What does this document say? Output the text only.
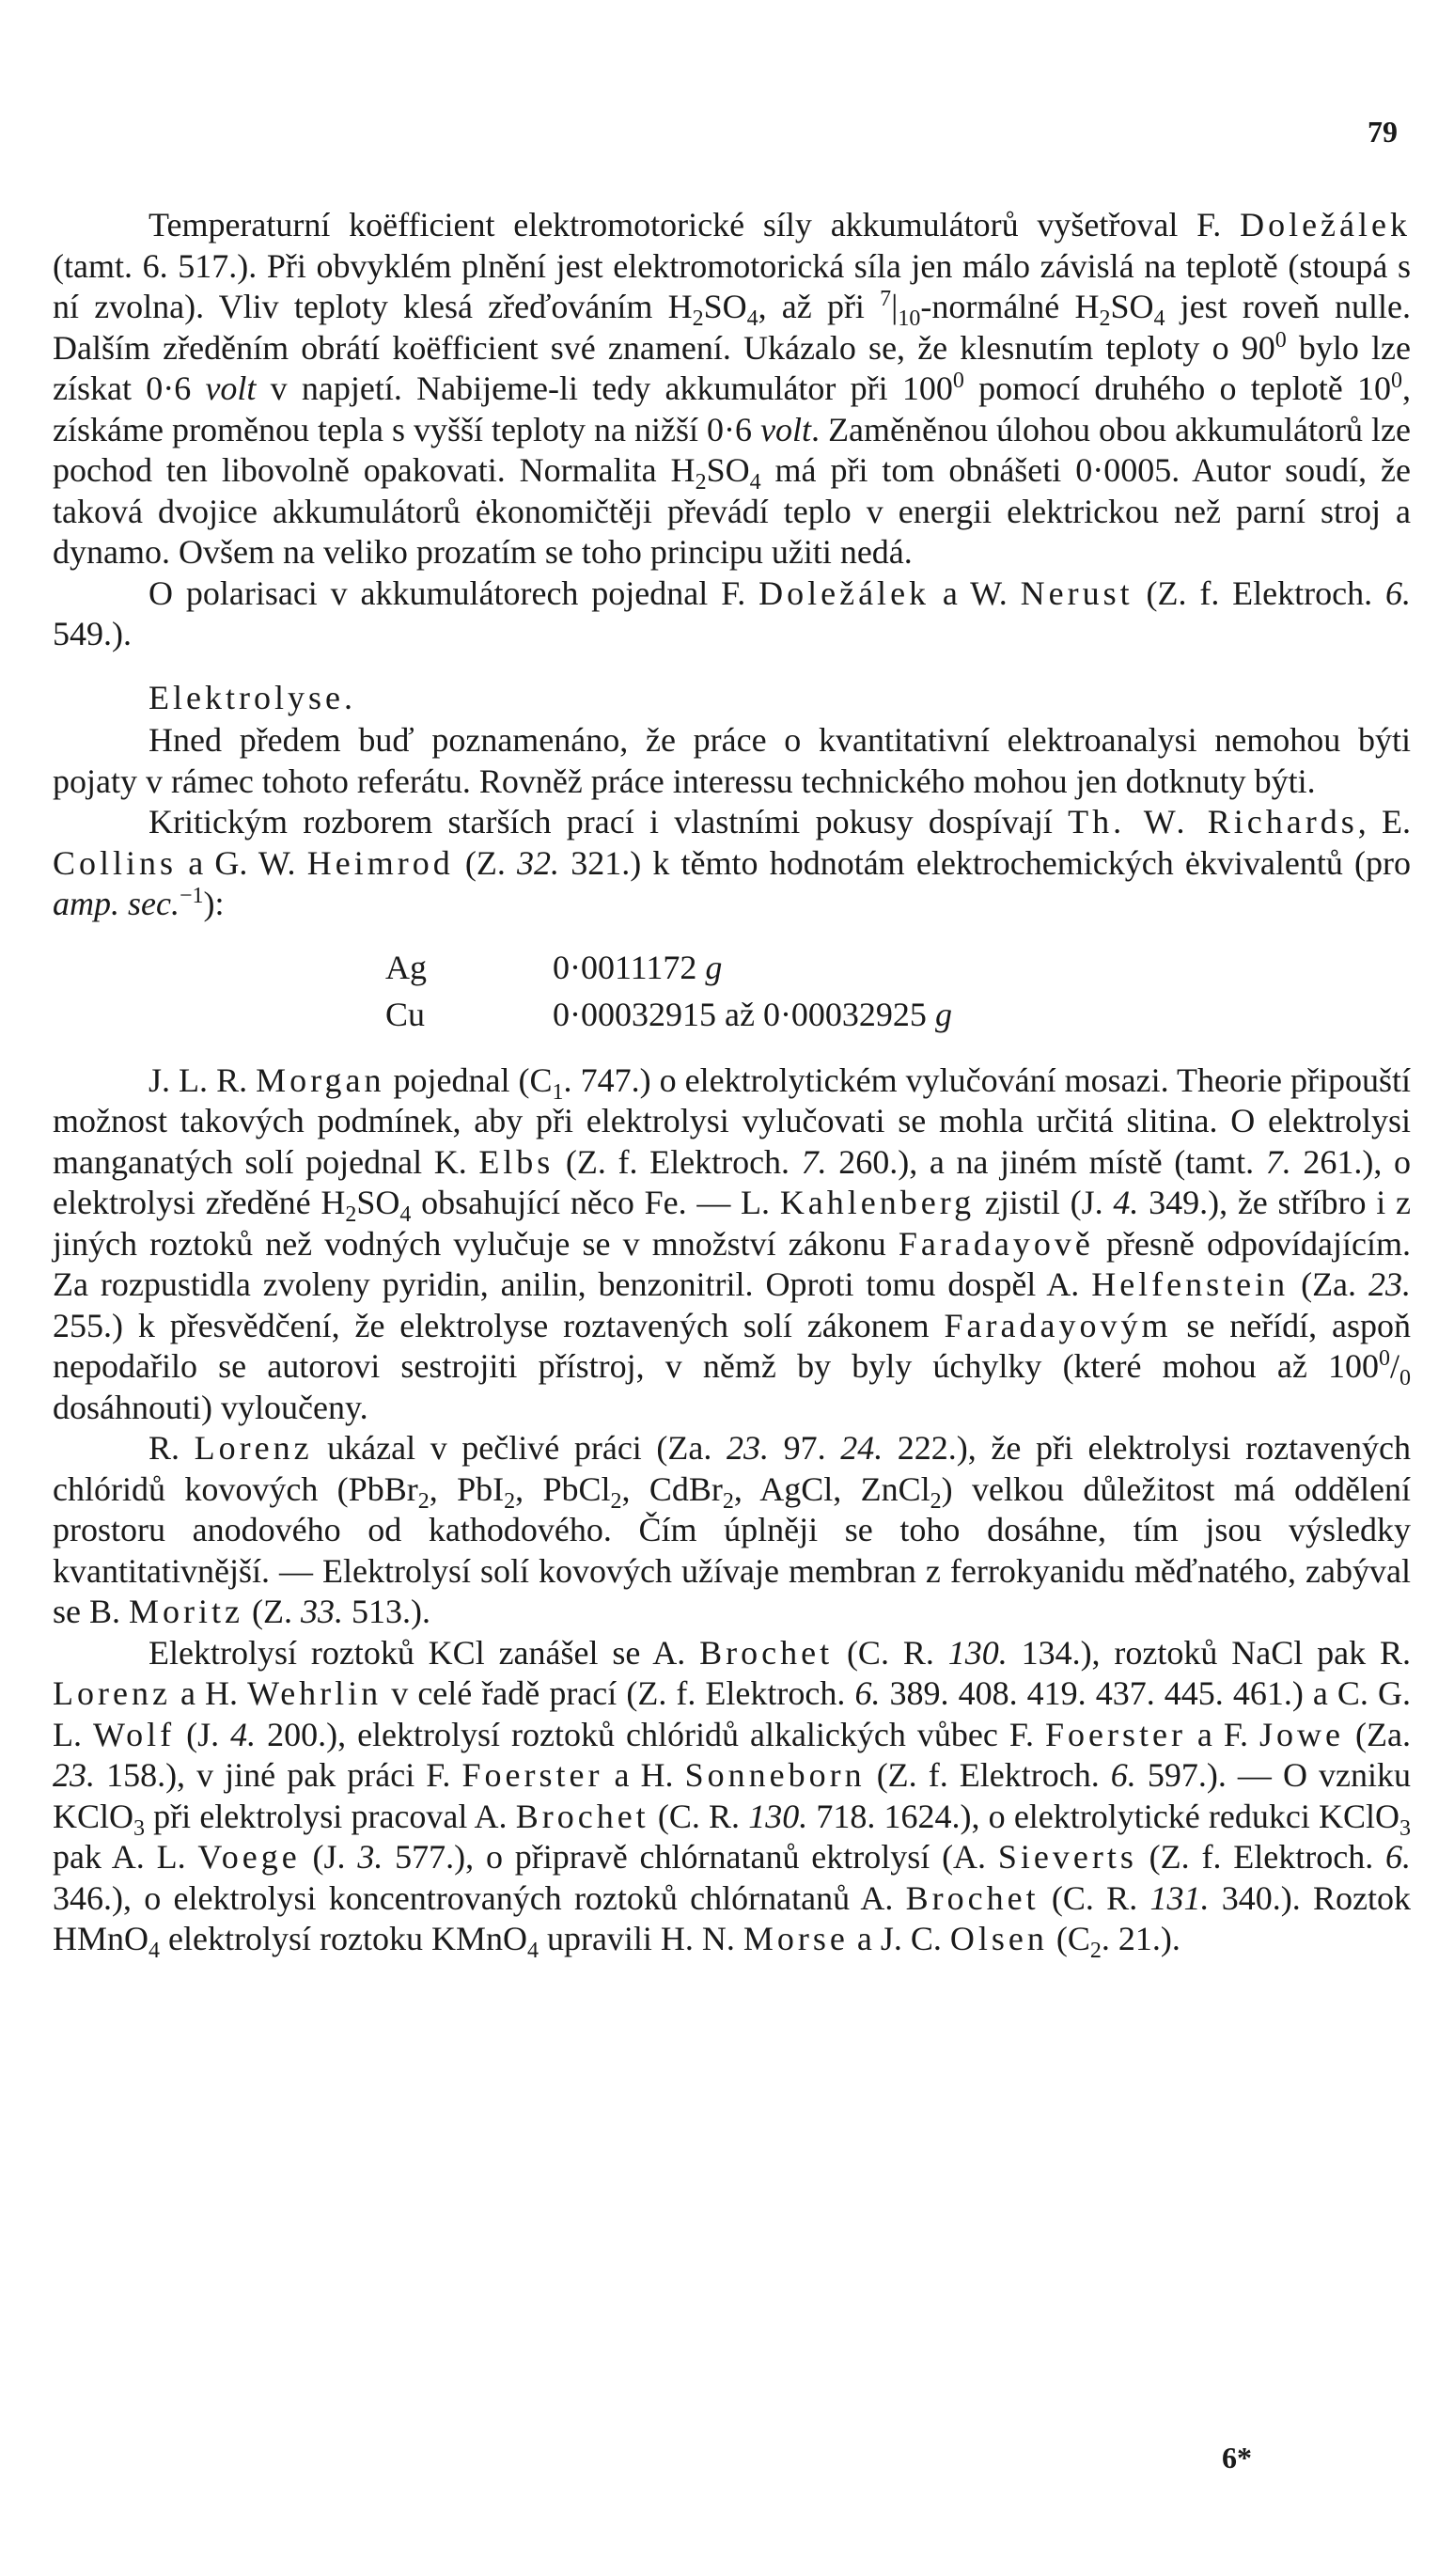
79

Temperaturní koëfficient elektromotorické síly akkumulátorů vyšetřoval F. Doležálek (tamt. 6. 517.). Při obvyklém plnění jest elektromotorická síla jen málo závislá na teplotě (stoupá s ní zvolna). Vliv teploty klesá zřeďováním $H_2SO_4$, až při $^7|_{10}$-normálné $H_2SO_4$ jest roveň nulle. Dalším zředěním obrátí koëfficient své znamení. Ukázalo se, že klesnutím teploty o $90^0$ bylo lze získat 0·6 volt v napjetí. Nabijeme-li tedy akkumulátor při $100^0$ pomocí druhého o teplotě $10^0$, získáme proměnou tepla s vyšší teploty na nižší 0·6 volt. Zaměněnou úlohou obou akkumulátorů lze pochod ten libovolně opakovati. Normalita $H_2SO_4$ má při tom obnášeti 0·0005. Autor soudí, že taková dvojice akkumulátorů ėkonomičtěji převádí teplo v energii elektrickou než parní stroj a dynamo. Ovšem na veliko prozatím se toho principu užiti nedá.

O polarisaci v akkumulátorech pojednal F. Doležálek a W. Nerust (Z. f. Elektroch. 6. 549.).

Elektrolyse.

Hned předem buď poznamenáno, že práce o kvantitativní elektroanalysi nemohou býti pojaty v rámec tohoto referátu. Rovněž práce interessu technického mohou jen dotknuty býti.

Kritickým rozborem starších prací i vlastními pokusy dospívají Th. W. Richards, E. Collins a G. W. Heimrod (Z. 32. 321.) k těmto hodnotám elektrochemických ėkvivalentů (pro amp. sec.$^{-1}$):

Ag	0·0011172 g
Cu	0·00032915 až 0·00032925 g

J. L. R. Morgan pojednal ($C_1$. 747.) o elektrolytickém vylučování mosazi. Theorie připouští možnost takových podmínek, aby při elektrolysi vylučovati se mohla určitá slitina. O elektrolysi manganatých solí pojednal K. Elbs (Z. f. Elektroch. 7. 260.), a na jiném místě (tamt. 7. 261.), o elektrolysi zředěné $H_2SO_4$ obsahující něco Fe. — L. Kahlenberg zjistil (J. 4. 349.), že stříbro i z jiných roztoků než vodných vylučuje se v množství zákonu Faradayově přesně odpovídajícím. Za rozpustidla zvoleny pyridin, anilin, benzonitril. Oproti tomu dospěl A. Helfenstein (Za. 23. 255.) k přesvědčení, že elektrolyse roztavených solí zákonem Faradayovým se neřídí, aspoň nepodařilo se autorovi sestrojiti přístroj, v němž by byly úchylky (které mohou až $100^0/_0$ dosáhnouti) vyloučeny.

R. Lorenz ukázal v pečlivé práci (Za. 23. 97. 24. 222.), že při elektrolysi roztavených chlóridů kovových (PbBr$_2$, PbI$_2$, PbCl$_2$, CdBr$_2$, AgCl, ZnCl$_2$) velkou důležitost má oddělení prostoru anodového od kathodového. Čím úplněji se toho dosáhne, tím jsou výsledky kvantitativnější. — Elektrolysí solí kovových užívaje membran z ferrokyanidu měďnatého, zabýval se B. Moritz (Z. 33. 513.).

Elektrolysí roztoků KCl zanášel se A. Brochet (C. R. 130. 134.), roztoků NaCl pak R. Lorenz a H. Wehrlin v celé řadě prací (Z. f. Elektroch. 6. 389. 408. 419. 437. 445. 461.) a C. G. L. Wolf (J. 4. 200.), elektrolysí roztoků chlóridů alkalických vůbec F. Foerster a F. Jowe (Za. 23. 158.), v jiné pak práci F. Foerster a H. Sonneborn (Z. f. Elektroch. 6. 597.). — O vzniku KClO$_3$ při elektrolysi pracoval A. Brochet (C. R. 130. 718. 1624.), o elektrolytické redukci KClO$_3$ pak A. L. Voege (J. 3. 577.), o připravě chlórnatanů ektrolysí (A. Sieverts (Z. f. Elektroch. 6. 346.), o elektrolysi koncentrovaných roztoků chlórnatanů A. Brochet (C. R. 131. 340.). Roztok HMnO$_4$ elektrolysí roztoku KMnO$_4$ upravili H. N. Morse a J. C. Olsen ($C_2$. 21.).

6*
